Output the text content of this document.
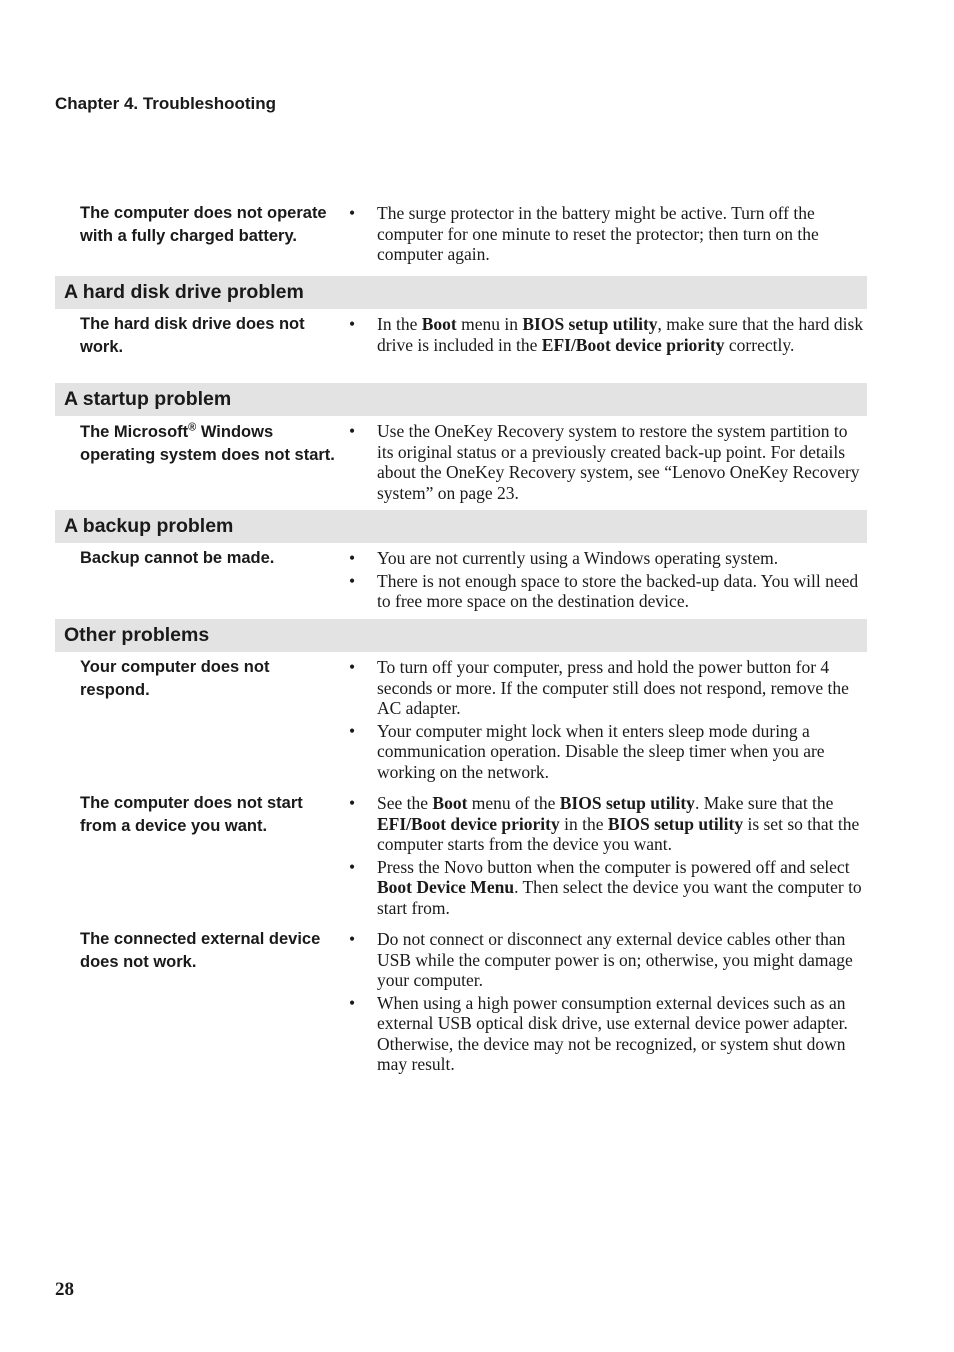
Chapter 4. Troubleshooting
The computer does not operate with a fully charged battery.
• The surge protector in the battery might be active. Turn off the computer for one minute to reset the protector; then turn on the computer again.
A hard disk drive problem
The hard disk drive does not work.
• In the Boot menu in BIOS setup utility, make sure that the hard disk drive is included in the EFI/Boot device priority correctly.
A startup problem
The Microsoft® Windows operating system does not start.
• Use the OneKey Recovery system to restore the system partition to its original status or a previously created back-up point. For details about the OneKey Recovery system, see “Lenovo OneKey Recovery system” on page 23.
A backup problem
Backup cannot be made.	• You are not currently using a Windows operating system.
• There is not enough space to store the backed-up data. You will need to free more space on the destination device.
Other problems
Your computer does not respond.
• To turn off your computer, press and hold the power button for 4 seconds or more. If the computer still does not respond, remove the AC adapter.
• Your computer might lock when it enters sleep mode during a communication operation. Disable the sleep timer when you are working on the network.
The computer does not start from a device you want.
• See the Boot menu of the BIOS setup utility. Make sure that the EFI/Boot device priority in the BIOS setup utility is set so that the computer starts from the device you want.
• Press the Novo button when the computer is powered off and select Boot Device Menu. Then select the device you want the computer to start from.
The connected external device does not work.
• Do not connect or disconnect any external device cables other than USB while the computer power is on; otherwise, you might damage your computer.
• When using a high power consumption external devices such as an external USB optical disk drive, use external device power adapter. Otherwise, the device may not be recognized, or system shut down may result.
28
